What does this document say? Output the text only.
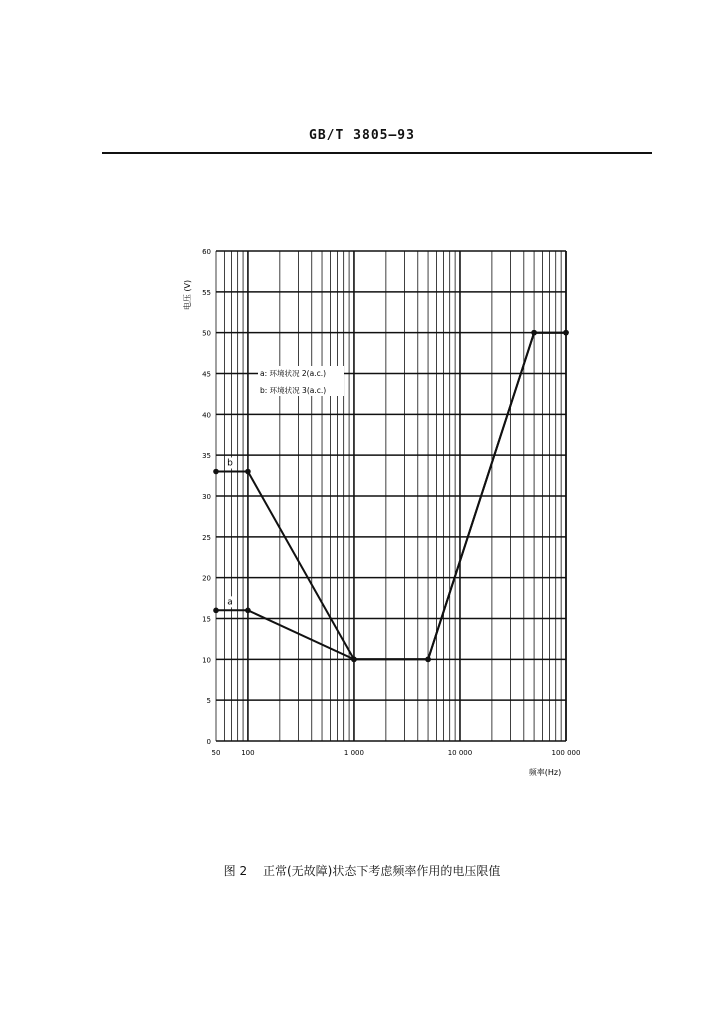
GB/T 3805—93
0
5
10
15
20
25
30
35
40
45
50
55
60
50	100	1 000	10 000	100 000
频率(Hz)
电压 (V)
a: 环境状况 2(a.c.)
b: 环境状况 3(a.c.)
a
b
图 2 正常(无故障)状态下考虑频率作用的电压限值
